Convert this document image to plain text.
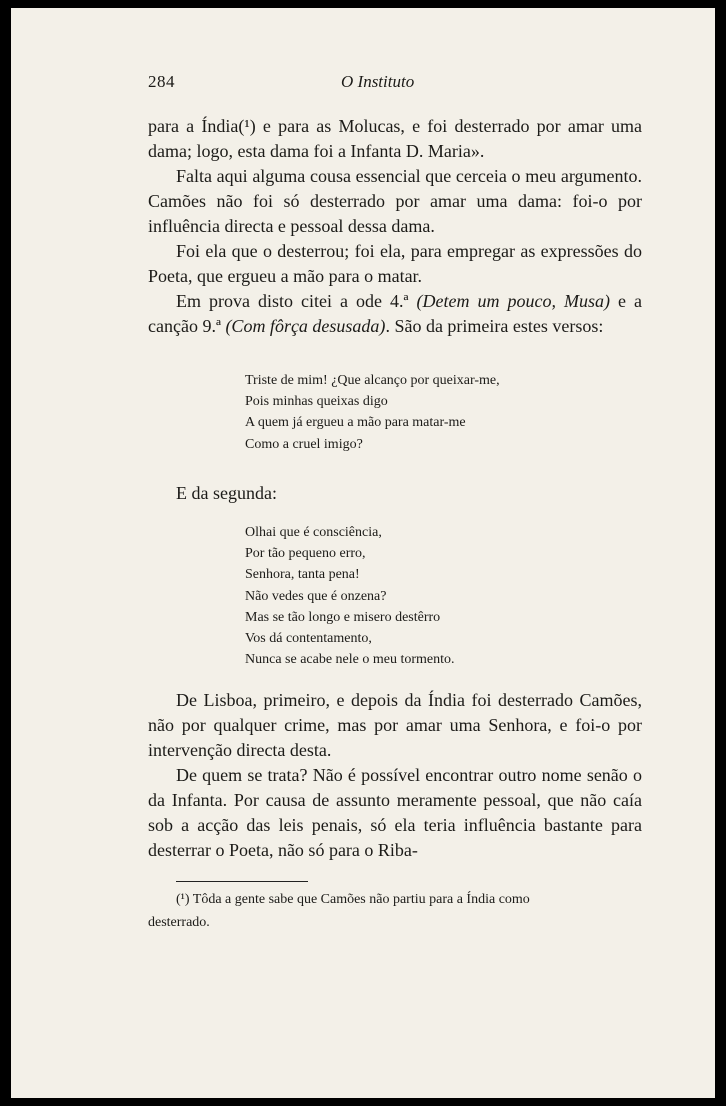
284	O Instituto

para a Índia(¹) e para as Molucas, e foi desterrado por amar uma dama; logo, esta dama foi a Infanta D. Maria».

Falta aqui alguma cousa essencial que cerceia o meu argumento. Camões não foi só desterrado por amar uma dama: foi-o por influência directa e pessoal dessa dama.

Foi ela que o desterrou; foi ela, para empregar as expressões do Poeta, que ergueu a mão para o matar.

Em prova disto citei a ode 4.ª (Detem um pouco, Musa) e a canção 9.ª (Com fôrça desusada). São da primeira estes versos:

Triste de mim! ¿Que alcanço por queixar-me,
Pois minhas queixas digo
A quem já ergueu a mão para matar-me
Como a cruel imigo?
E da segunda:
Olhai que é consciência,
Por tão pequeno erro,
Senhora, tanta pena!
Não vedes que é onzena?
Mas se tão longo e misero destêrro
Vos dá contentamento,
Nunca se acabe nele o meu tormento.

De Lisboa, primeiro, e depois da Índia foi desterrado Camões, não por qualquer crime, mas por amar uma Senhora, e foi-o por intervenção directa desta.

De quem se trata? Não é possível encontrar outro nome senão o da Infanta. Por causa de assunto meramente pessoal, que não caía sob a acção das leis penais, só ela teria influência bastante para desterrar o Poeta, não só para o Riba-

(¹) Tôda a gente sabe que Camões não partiu para a Índia como
desterrado.
